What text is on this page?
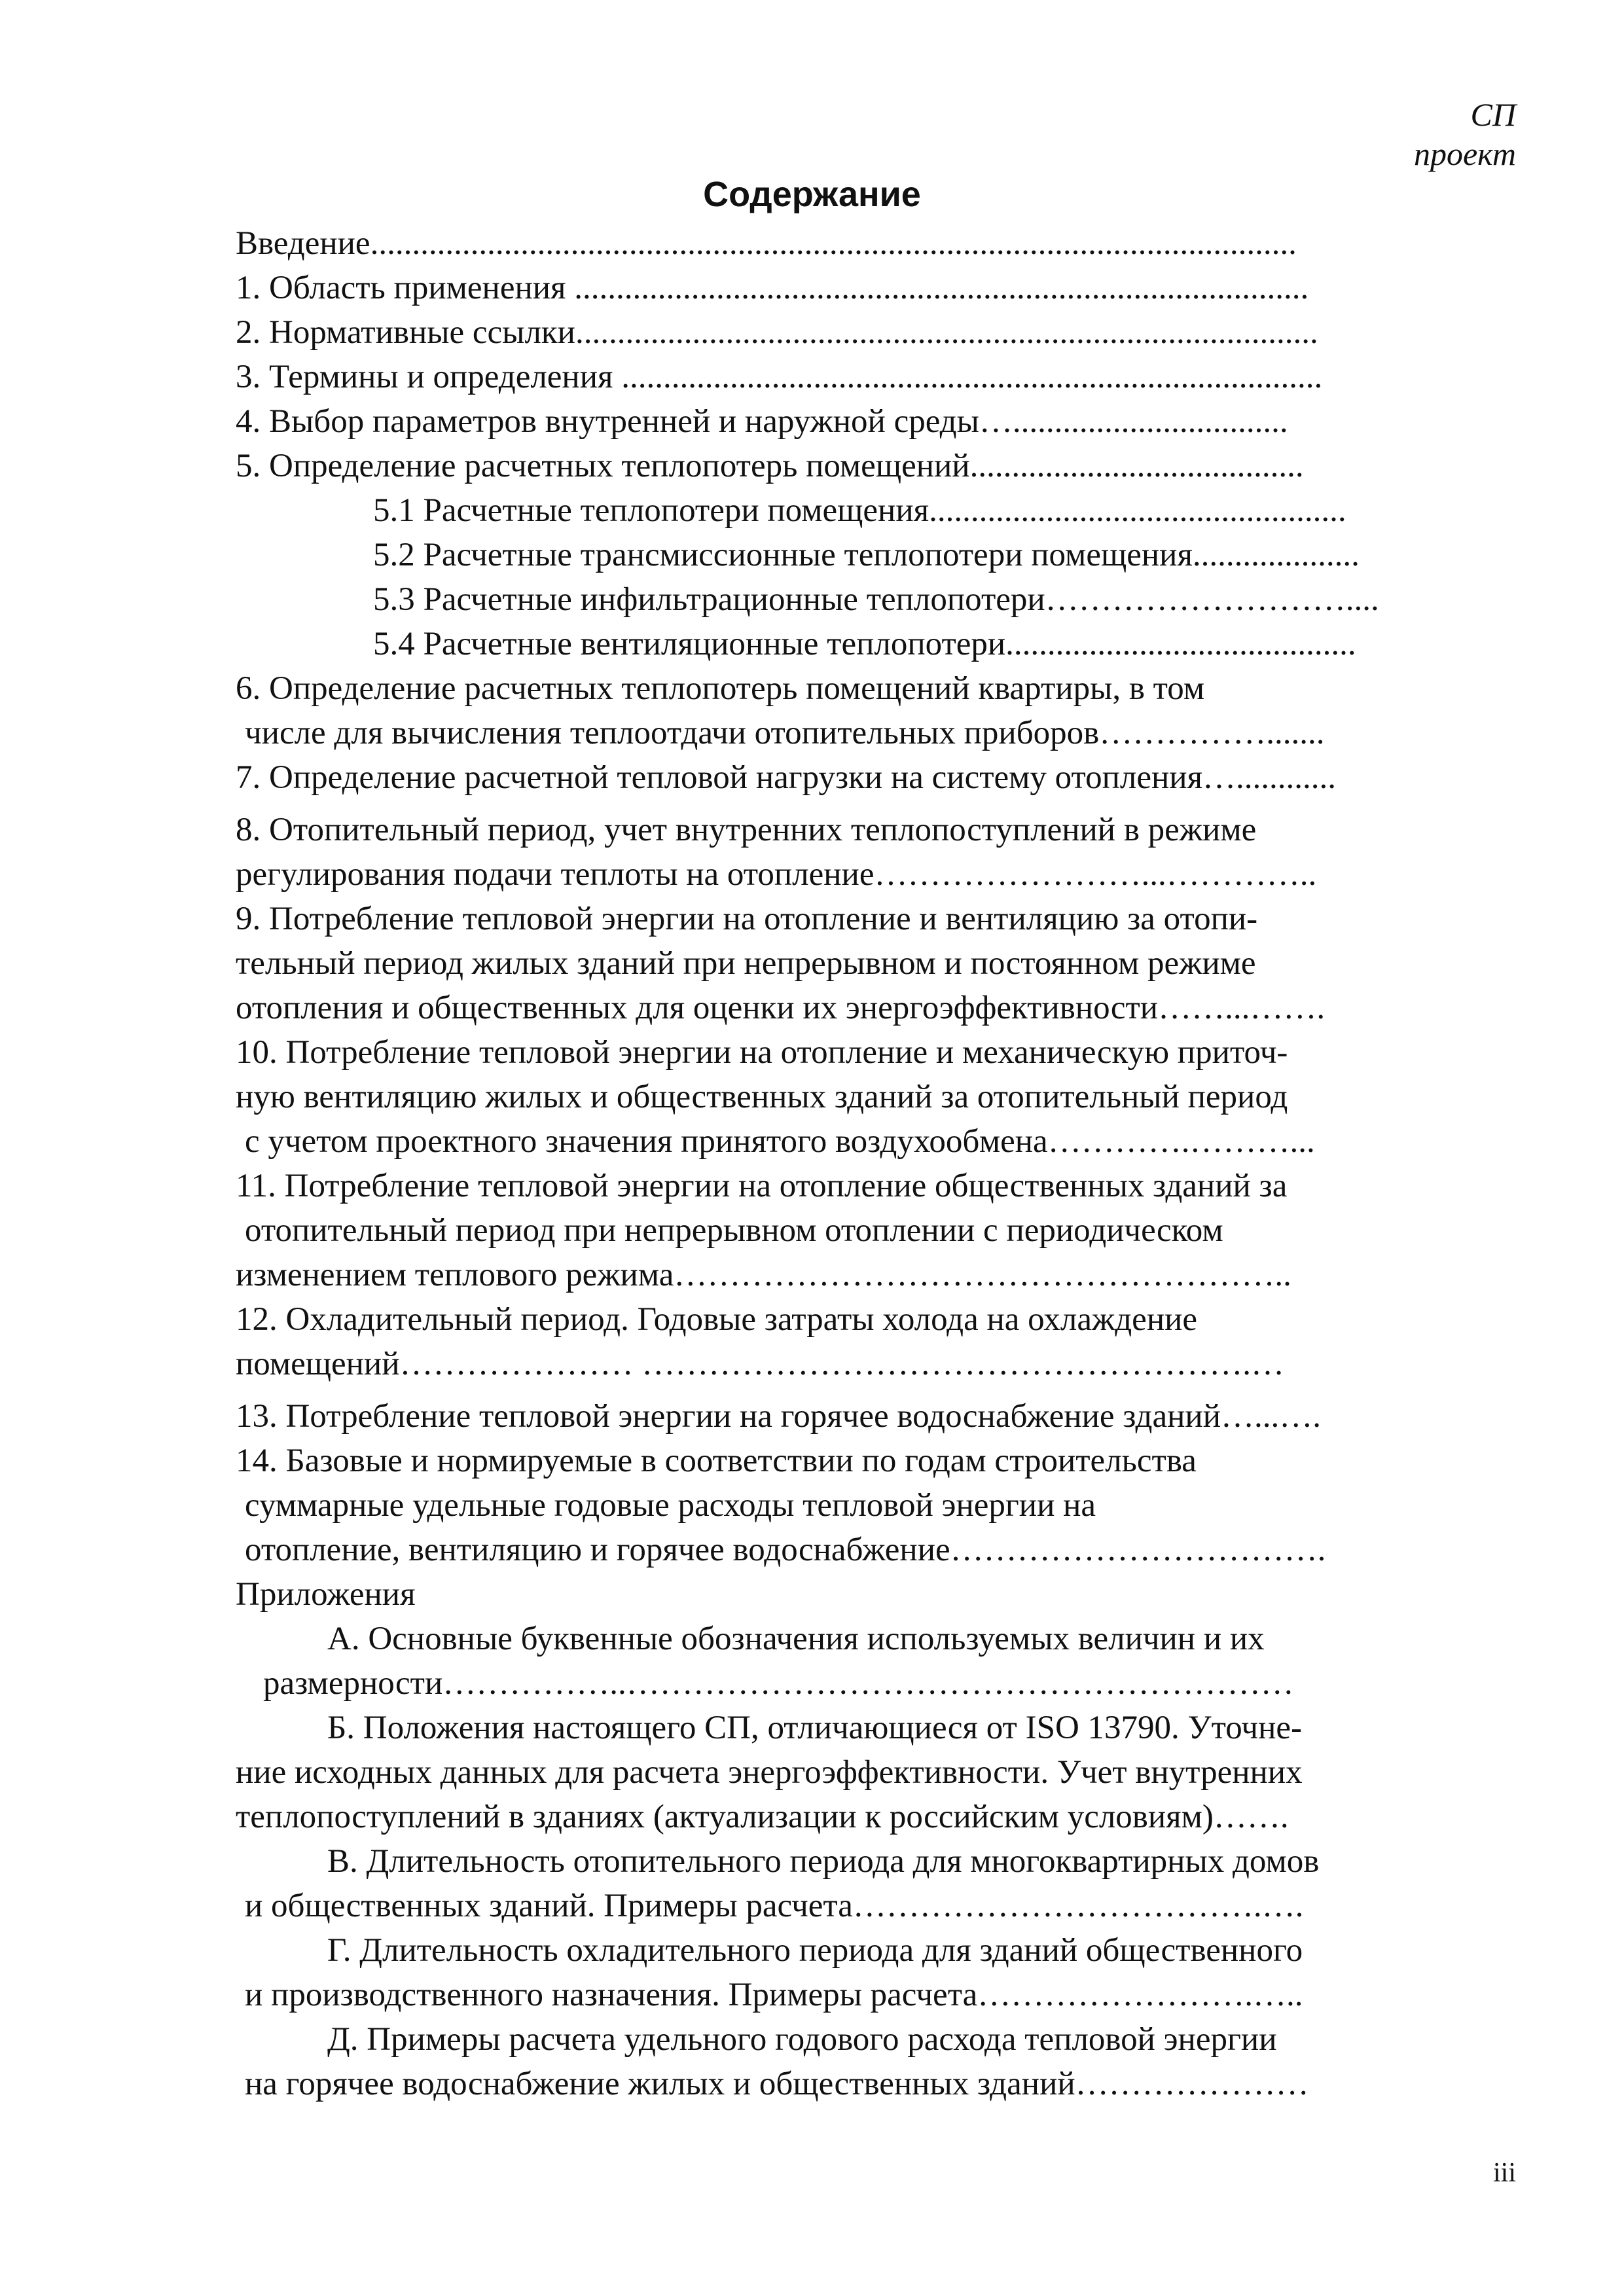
СП
проект
Содержание
Введение...............................................................................................................
1. Область применения ........................................................................................
2. Нормативные ссылки.........................................................................................
3. Термины и определения ....................................................................................
4. Выбор параметров внутренней и наружной среды….................................
5. Определение расчетных теплопотерь помещений........................................
5.1 Расчетные теплопотери помещения..................................................
5.2 Расчетные трансмиссионные теплопотери помещения....................
5.3 Расчетные инфильтрационные теплопотери………………………....
5.4 Расчетные вентиляционные теплопотери..........................................
6. Определение расчетных теплопотерь помещений квартиры, в том
числе для вычисления теплоотдачи отопительных приборов…………….......
7. Определение расчетной тепловой нагрузки на систему отопления…............
8. Отопительный период, учет внутренних теплопоступлений в режиме
регулирования подачи теплоты на отопление……………………...…………..
9. Потребление тепловой энергии на отопление и вентиляцию за отопи-
тельный период жилых зданий при непрерывном и постоянном режиме
отопления и общественных для оценки их энергоэффективности……...…….
10. Потребление тепловой энергии на отопление и механическую приточ-
ную вентиляцию жилых и общественных зданий за отопительный период
с учетом проектного значения принятого воздухообмена………….………...
11. Потребление тепловой энергии на отопление общественных зданий за
отопительный период при непрерывном отоплении с периодическом
изменением теплового режима………………………………………………..
12. Охладительный период. Годовые затраты холода на охлаждение
помещений………………… ……………………………………………….…
13. Потребление тепловой энергии на горячее водоснабжение зданий…...….
14. Базовые и нормируемые в соответствии по годам строительства
суммарные удельные годовые расходы тепловой энергии на
отопление, вентиляцию и горячее водоснабжение…………………………….
Приложения
А. Основные буквенные обозначения используемых величин и их
размерности……………..……………………………………………………
Б. Положения настоящего СП, отличающиеся от ISO 13790. Уточне-
ние исходных данных для расчета энергоэффективности. Учет внутренних
теплопоступлений в зданиях (актуализации к российским условиям)…….
В. Длительность отопительного периода для многоквартирных домов
и общественных зданий. Примеры расчета……………………………….….
Г. Длительность охладительного периода для зданий общественного
и производственного назначения. Примеры расчета…………………….…..
Д. Примеры расчета удельного годового расхода тепловой энергии
на горячее водоснабжение жилых и общественных зданий…………………
iii
